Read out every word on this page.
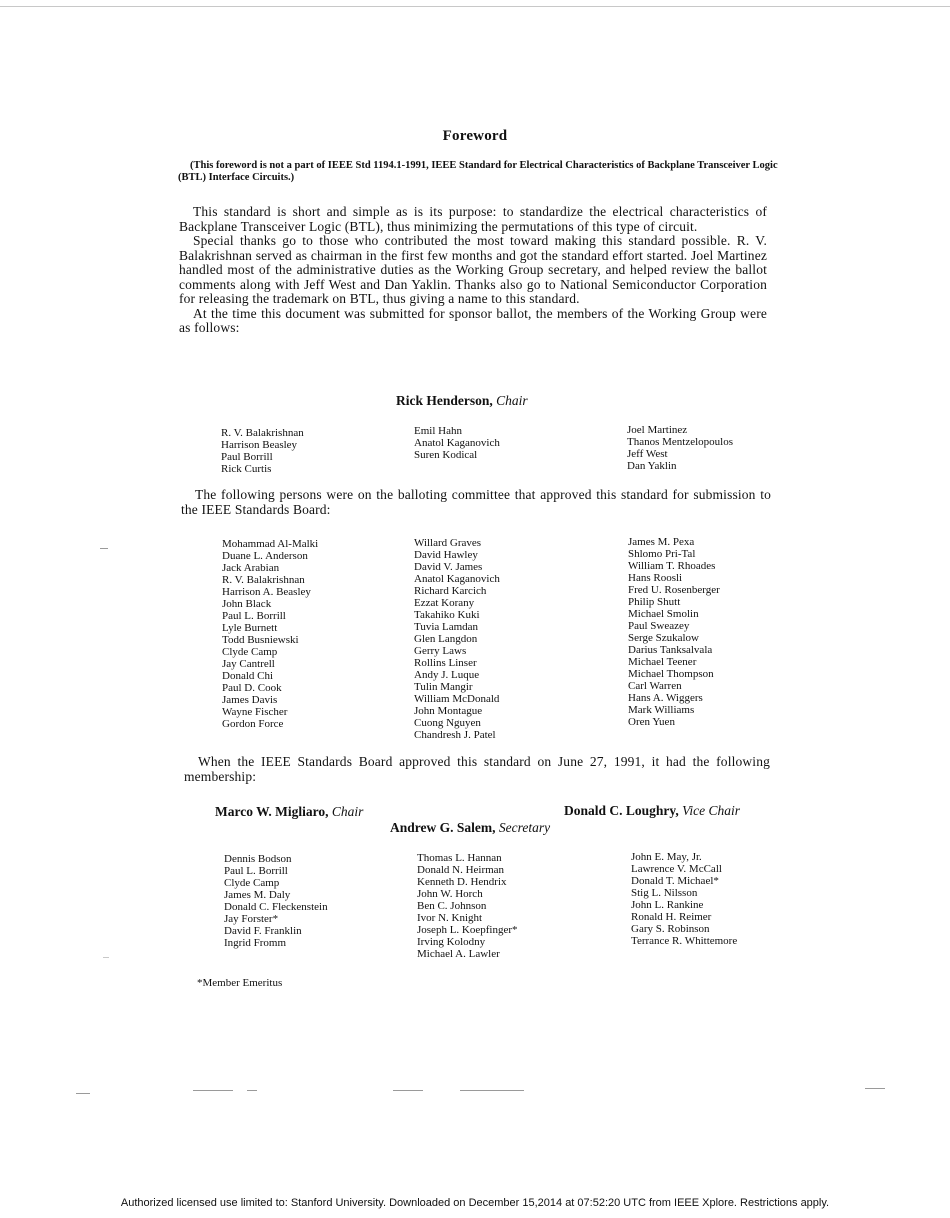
Foreword
(This foreword is not a part of IEEE Std 1194.1-1991, IEEE Standard for Electrical Characteristics of Backplane Transceiver Logic (BTL) Interface Circuits.)

This standard is short and simple as is its purpose: to standardize the electrical characteristics of Backplane Transceiver Logic (BTL), thus minimizing the permutations of this type of circuit.

Special thanks go to those who contributed the most toward making this standard possible. R. V. Balakrishnan served as chairman in the first few months and got the standard effort started. Joel Martinez handled most of the administrative duties as the Working Group secretary, and helped review the ballot comments along with Jeff West and Dan Yaklin. Thanks also go to National Semiconductor Corporation for releasing the trademark on BTL, thus giving a name to this standard.

At the time this document was submitted for sponsor ballot, the members of the Working Group were as follows:

Rick Henderson, Chair
R. V. Balakrishnan
Harrison Beasley
Paul Borrill
Rick Curtis
Emil Hahn
Anatol Kaganovich
Suren Kodical
Joel Martinez
Thanos Mentzelopoulos
Jeff West
Dan Yaklin

The following persons were on the balloting committee that approved this standard for submission to the IEEE Standards Board:

Mohammad Al-Malki
Duane L. Anderson
Jack Arabian
R. V. Balakrishnan
Harrison A. Beasley
John Black
Paul L. Borrill
Lyle Burnett
Todd Busniewski
Clyde Camp
Jay Cantrell
Donald Chi
Paul D. Cook
James Davis
Wayne Fischer
Gordon Force
Willard Graves
David Hawley
David V. James
Anatol Kaganovich
Richard Karcich
Ezzat Korany
Takahiko Kuki
Tuvia Lamdan
Glen Langdon
Gerry Laws
Rollins Linser
Andy J. Luque
Tulin Mangir
William McDonald
John Montague
Cuong Nguyen
Chandresh J. Patel
James M. Pexa
Shlomo Pri-Tal
William T. Rhoades
Hans Roosli
Fred U. Rosenberger
Philip Shutt
Michael Smolin
Paul Sweazey
Serge Szukalow
Darius Tanksalvala
Michael Teener
Michael Thompson
Carl Warren
Hans A. Wiggers
Mark Williams
Oren Yuen

When the IEEE Standards Board approved this standard on June 27, 1991, it had the following membership:

Marco W. Migliaro, Chair	Donald C. Loughry, Vice Chair
Andrew G. Salem, Secretary
Dennis Bodson
Paul L. Borrill
Clyde Camp
James M. Daly
Donald C. Fleckenstein
Jay Forster*
David F. Franklin
Ingrid Fromm
Thomas L. Hannan
Donald N. Heirman
Kenneth D. Hendrix
John W. Horch
Ben C. Johnson
Ivor N. Knight
Joseph L. Koepfinger*
Irving Kolodny
Michael A. Lawler
John E. May, Jr.
Lawrence V. McCall
Donald T. Michael*
Stig L. Nilsson
John L. Rankine
Ronald H. Reimer
Gary S. Robinson
Terrance R. Whittemore
*Member Emeritus
Authorized licensed use limited to: Stanford University. Downloaded on December 15,2014 at 07:52:20 UTC from IEEE Xplore. Restrictions apply.
